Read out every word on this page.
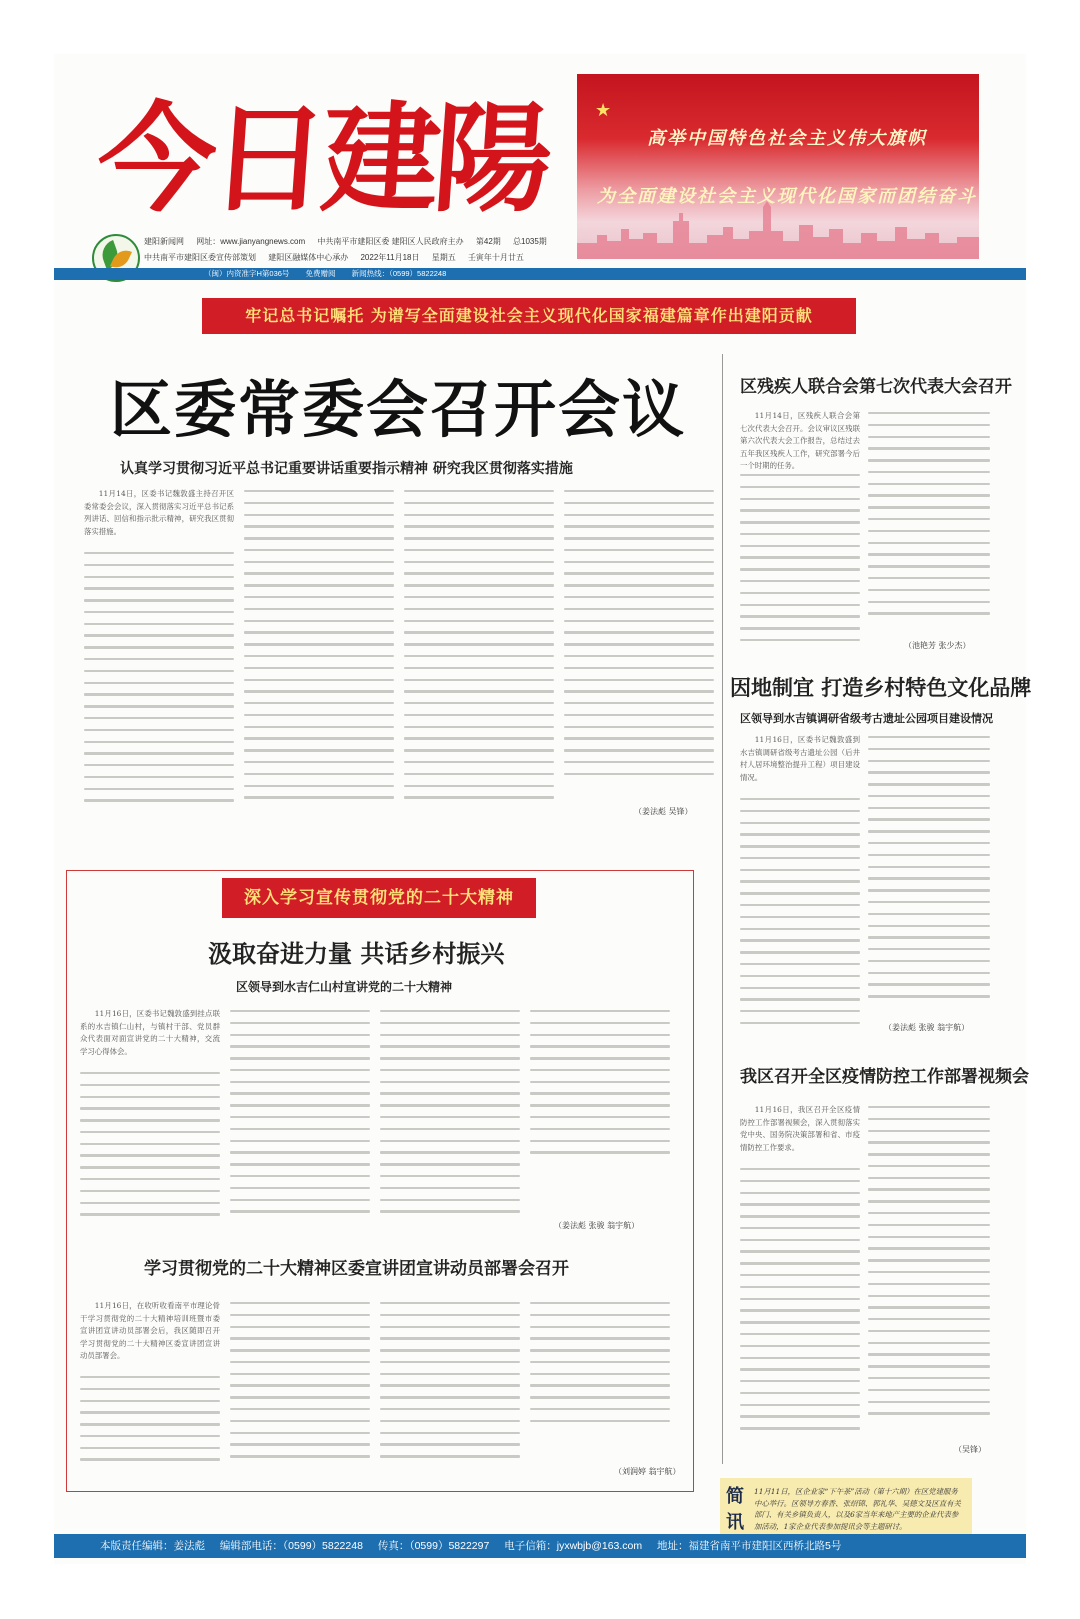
今日建陽
建阳新闻网 网址：www.jianyangnews.com 中共南平市建阳区委 建阳区人民政府主办 第42期 总1035期
中共南平市建阳区委宣传部策划 建阳区融媒体中心承办 2022年11月18日 星期五 壬寅年十月廿五
（闽）内资准字H第036号 免费赠阅 新闻热线：（0599）5822248
★
高举中国特色社会主义伟大旗帜
为全面建设社会主义现代化国家而团结奋斗
牢记总书记嘱托 为谱写全面建设社会主义现代化国家福建篇章作出建阳贡献
区委常委会召开会议
认真学习贯彻习近平总书记重要讲话重要指示精神 研究我区贯彻落实措施

11月14日，区委书记魏敦盛主持召开区委常委会会议，深入贯彻落实习近平总书记系列讲话、回信和指示批示精神，研究我区贯彻落实措施。

（姜法彪 吴锋）
区残疾人联合会第七次代表大会召开

11月14日，区残疾人联合会第七次代表大会召开。会议审议区残联第六次代表大会工作报告，总结过去五年我区残疾人工作，研究部署今后一个时期的任务。

（池艳芳 张少杰）
因地制宜 打造乡村特色文化品牌
区领导到水吉镇调研省级考古遗址公园项目建设情况

11月16日，区委书记魏敦盛到水吉镇调研省级考古遗址公园（后井村人居环境整治提升工程）项目建设情况。

（姜法彪 张骏 翁宇航）
我区召开全区疫情防控工作部署视频会

11月16日，我区召开全区疫情防控工作部署视频会，深入贯彻落实党中央、国务院决策部署和省、市疫情防控工作要求。

（吴锋）
深入学习宣传贯彻党的二十大精神
汲取奋进力量 共话乡村振兴
区领导到水吉仁山村宣讲党的二十大精神

11月16日，区委书记魏敦盛到挂点联系的水吉镇仁山村，与镇村干部、党员群众代表面对面宣讲党的二十大精神，交流学习心得体会。

（姜法彪 张骏 翁宇航）
学习贯彻党的二十大精神区委宣讲团宣讲动员部署会召开

11月16日，在收听收看南平市理论骨干学习贯彻党的二十大精神培训班暨市委宣讲团宣讲动员部署会后，我区随即召开学习贯彻党的二十大精神区委宣讲团宣讲动员部署会。

（刘润婷 翁宇航）
简讯
11月11日，区企业家“下午茶”活动（第十六期）在区党建服务中心举行。区领导方春香、张绍锦、郭礼华、吴德文及区直有关部门、有关乡镇负责人，以及6家当年来地产主要的企业代表参加活动，1家企业代表参加提讯会等主题研讨。
本版责任编辑：姜法彪 编辑部电话：（0599）5822248 传真：（0599）5822297 电子信箱：jyxwbjb@163.com 地址：福建省南平市建阳区西桥北路5号
